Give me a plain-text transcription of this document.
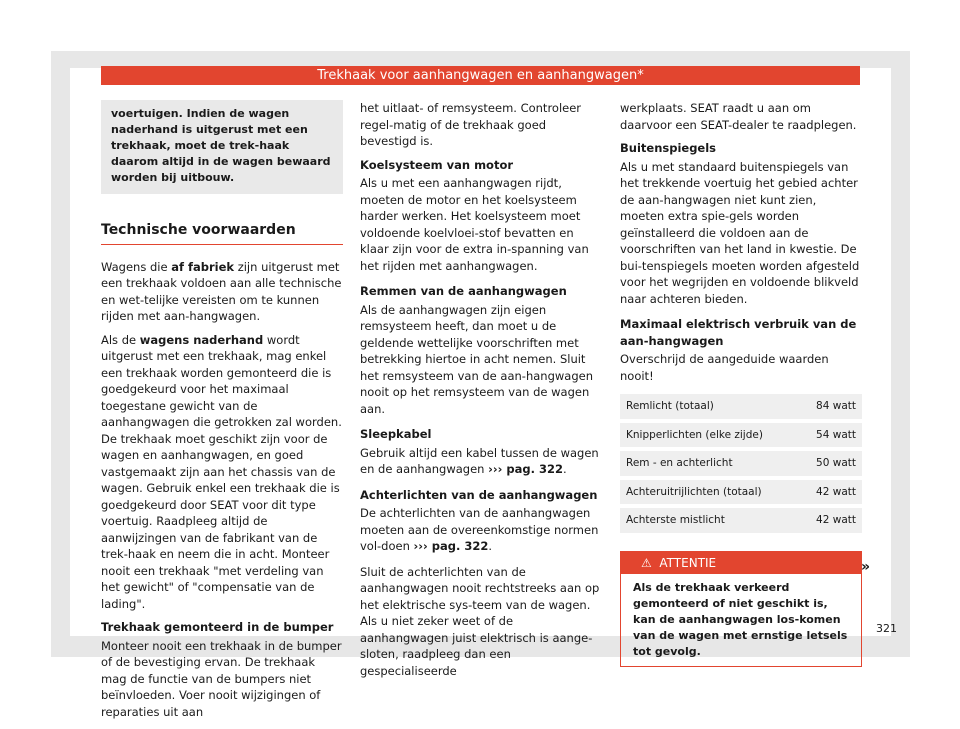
Trekhaak voor aanhangwagen en aanhangwagen*
voertuigen. Indien de wagen naderhand is uitgerust met een trekhaak, moet de trek-haak daarom altijd in de wagen bewaard worden bij uitbouw.
Technische voorwaarden

Wagens die af fabriek zijn uitgerust met een trekhaak voldoen aan alle technische en wet-telijke vereisten om te kunnen rijden met aan-hangwagen.

Als de wagens naderhand wordt uitgerust met een trekhaak, mag enkel een trekhaak worden gemonteerd die is goedgekeurd voor het maximaal toegestane gewicht van de aanhangwagen die getrokken zal worden. De trekhaak moet geschikt zijn voor de wagen en aanhangwagen, en goed vastgemaakt zijn aan het chassis van de wagen. Gebruik enkel een trekhaak die is goedgekeurd door SEAT voor dit type voertuig. Raadpleeg altijd de aanwijzingen van de fabrikant van de trek-haak en neem die in acht. Monteer nooit een trekhaak "met verdeling van het gewicht" of "compensatie van de lading".

Trekhaak gemonteerd in de bumper

Monteer nooit een trekhaak in de bumper of de bevestiging ervan. De trekhaak mag de functie van de bumpers niet beïnvloeden. Voer nooit wijzigingen of reparaties uit aan

het uitlaat- of remsysteem. Controleer regel-matig of de trekhaak goed bevestigd is.

Koelsysteem van motor

Als u met een aanhangwagen rijdt, moeten de motor en het koelsysteem harder werken. Het koelsysteem moet voldoende koelvloei-stof bevatten en klaar zijn voor de extra in-spanning van het rijden met aanhangwagen.

Remmen van de aanhangwagen

Als de aanhangwagen zijn eigen remsysteem heeft, dan moet u de geldende wettelijke voorschriften met betrekking hiertoe in acht nemen. Sluit het remsysteem van de aan-hangwagen nooit op het remsysteem van de wagen aan.

Sleepkabel

Gebruik altijd een kabel tussen de wagen en de aanhangwagen ››› pag. 322.

Achterlichten van de aanhangwagen

De achterlichten van de aanhangwagen moeten aan de overeenkomstige normen vol-doen ››› pag. 322.

Sluit de achterlichten van de aanhangwagen nooit rechtstreeks aan op het elektrische sys-teem van de wagen. Als u niet zeker weet of de aanhangwagen juist elektrisch is aange-sloten, raadpleeg dan een gespecialiseerde

werkplaats. SEAT raadt u aan om daarvoor een SEAT-dealer te raadplegen.

Buitenspiegels

Als u met standaard buitenspiegels van het trekkende voertuig het gebied achter de aan-hangwagen niet kunt zien, moeten extra spie-gels worden geïnstalleerd die voldoen aan de voorschriften van het land in kwestie. De bui-tenspiegels moeten worden afgesteld voor het wegrijden en voldoende blikveld naar achteren bieden.

Maximaal elektrisch verbruik van de aan-hangwagen

Overschrijd de aangeduide waarden nooit!

Remlicht (totaal)	84 watt
Knipperlichten (elke zijde)	54 watt
Rem - en achterlicht	50 watt
Achteruitrijlichten (totaal)	42 watt
Achterste mistlicht	42 watt
⚠ ATTENTIE
Als de trekhaak verkeerd gemonteerd of niet geschikt is, kan de aanhangwagen los-komen van de wagen met ernstige letsels tot gevolg.
»
321
